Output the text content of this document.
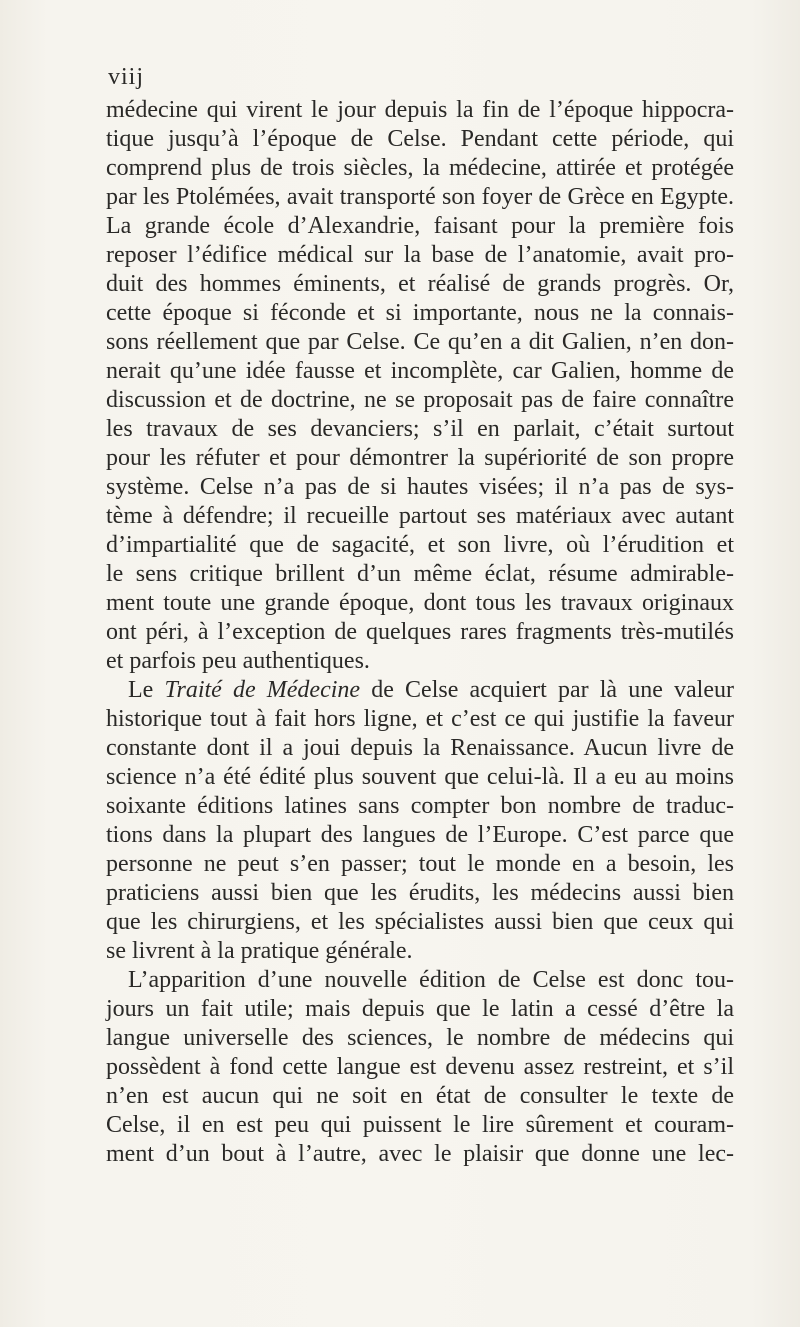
viij
médecine qui virent le jour depuis la fin de l’époque hippocra-
tique jusqu’à l’époque de Celse. Pendant cette période, qui
comprend plus de trois siècles, la médecine, attirée et protégée
par les Ptolémées, avait transporté son foyer de Grèce en Egypte.
La grande école d’Alexandrie, faisant pour la première fois
reposer l’édifice médical sur la base de l’anatomie, avait pro-
duit des hommes éminents, et réalisé de grands progrès. Or,
cette époque si féconde et si importante, nous ne la connais-
sons réellement que par Celse. Ce qu’en a dit Galien, n’en don-
nerait qu’une idée fausse et incomplète, car Galien, homme de
discussion et de doctrine, ne se proposait pas de faire connaître
les travaux de ses devanciers; s’il en parlait, c’était surtout
pour les réfuter et pour démontrer la supériorité de son propre
système. Celse n’a pas de si hautes visées; il n’a pas de sys-
tème à défendre; il recueille partout ses matériaux avec autant
d’impartialité que de sagacité, et son livre, où l’érudition et
le sens critique brillent d’un même éclat, résume admirable-
ment toute une grande époque, dont tous les travaux originaux
ont péri, à l’exception de quelques rares fragments très-mutilés
et parfois peu authentiques.
Le Traité de Médecine de Celse acquiert par là une valeur
historique tout à fait hors ligne, et c’est ce qui justifie la faveur
constante dont il a joui depuis la Renaissance. Aucun livre de
science n’a été édité plus souvent que celui-là. Il a eu au moins
soixante éditions latines sans compter bon nombre de traduc-
tions dans la plupart des langues de l’Europe. C’est parce que
personne ne peut s’en passer; tout le monde en a besoin, les
praticiens aussi bien que les érudits, les médecins aussi bien
que les chirurgiens, et les spécialistes aussi bien que ceux qui
se livrent à la pratique générale.
L’apparition d’une nouvelle édition de Celse est donc tou-
jours un fait utile; mais depuis que le latin a cessé d’être la
langue universelle des sciences, le nombre de médecins qui
possèdent à fond cette langue est devenu assez restreint, et s’il
n’en est aucun qui ne soit en état de consulter le texte de
Celse, il en est peu qui puissent le lire sûrement et couram-
ment d’un bout à l’autre, avec le plaisir que donne une lec-
